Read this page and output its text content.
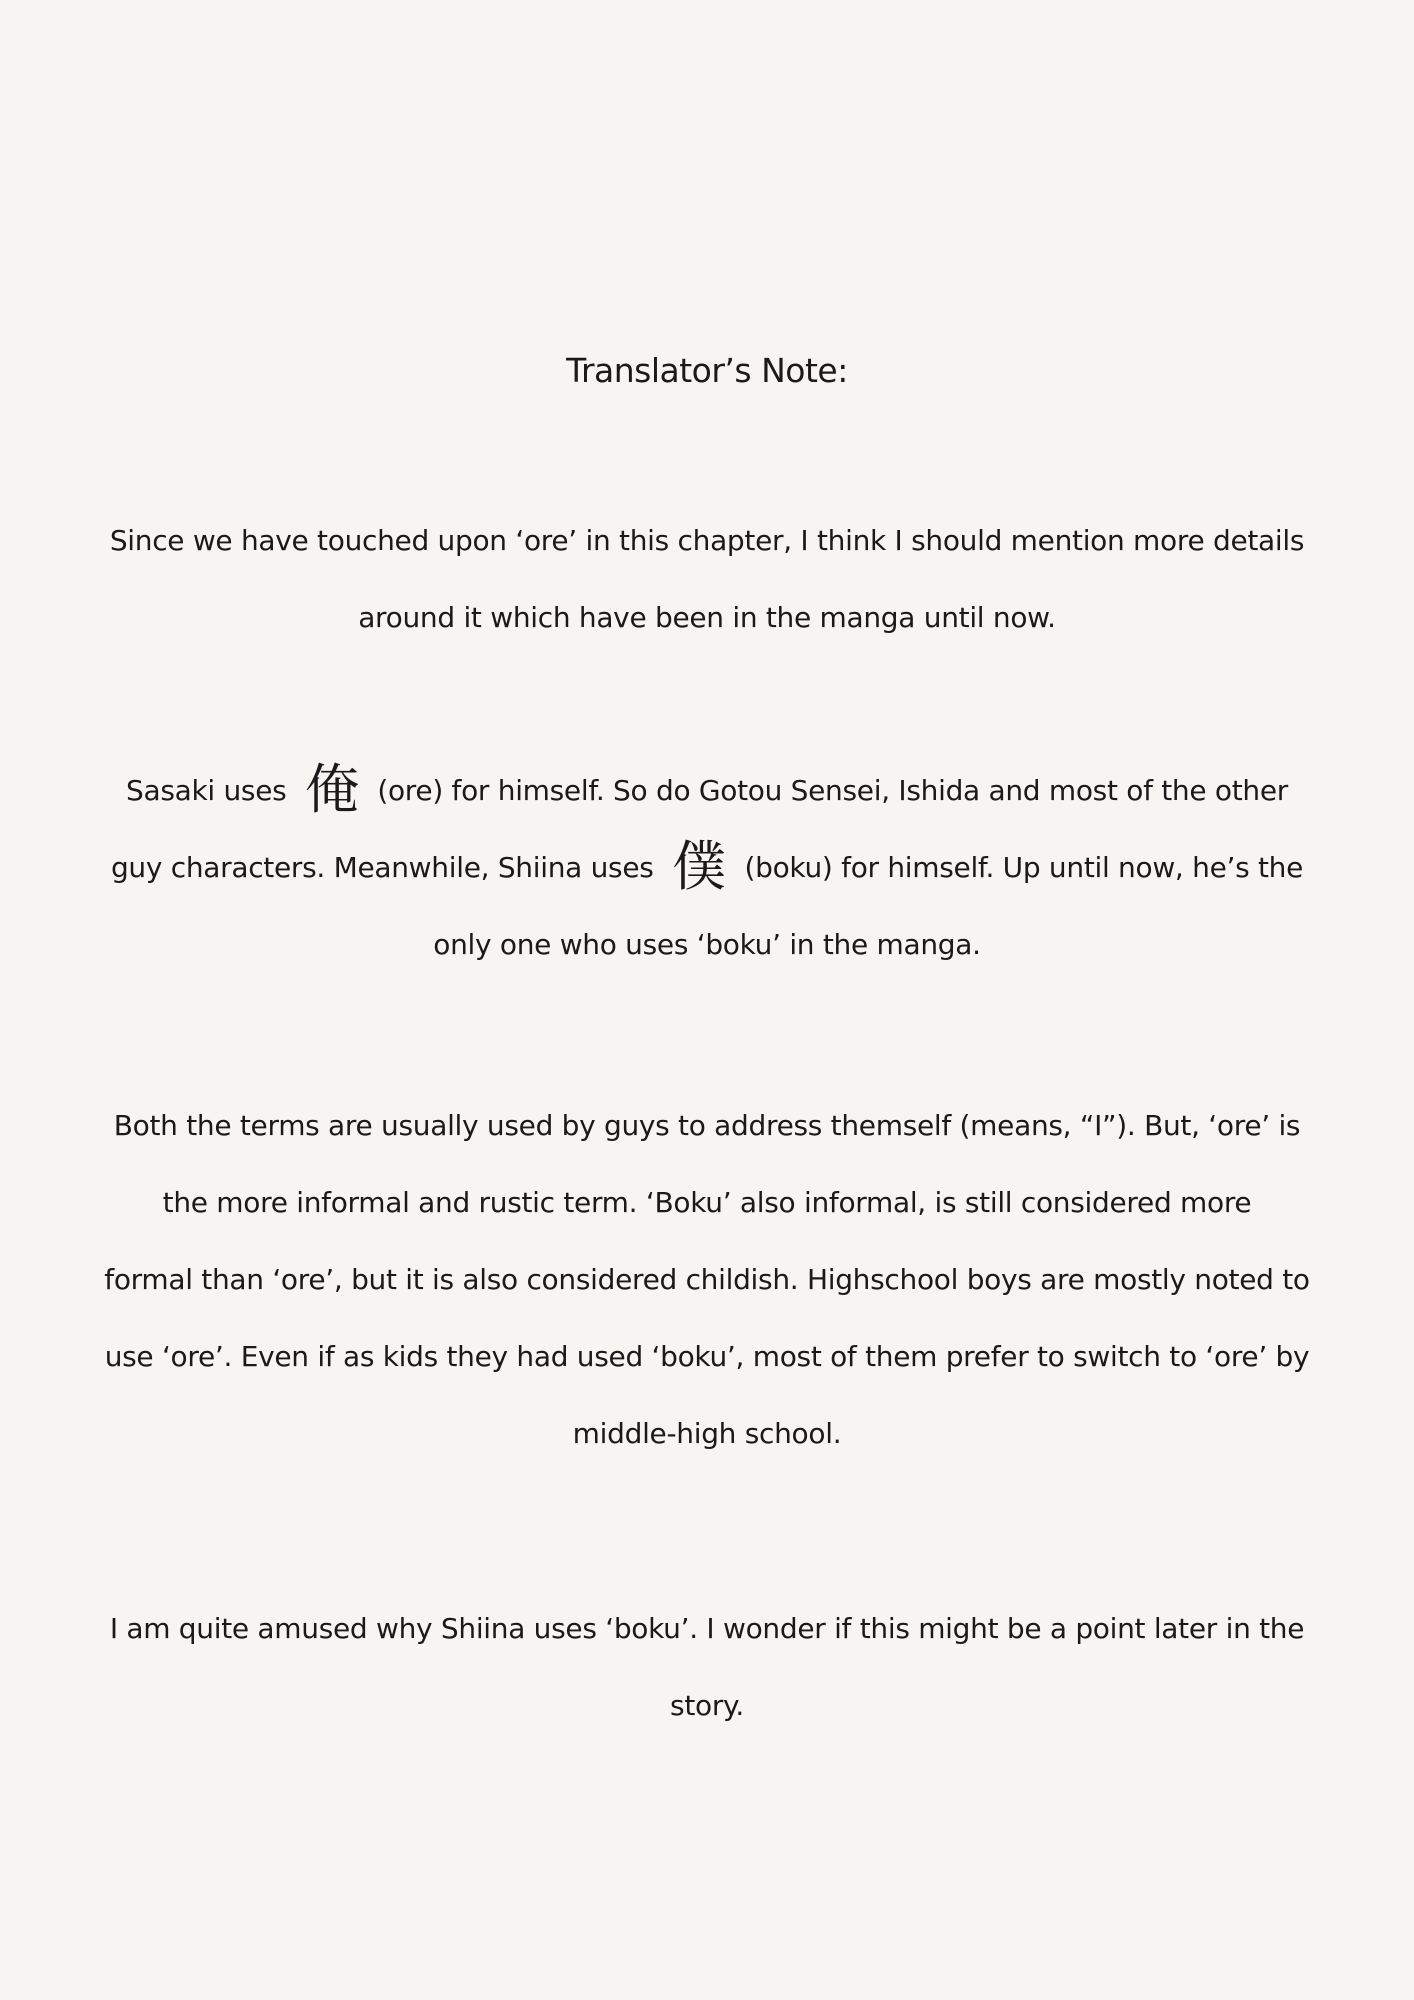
Translator’s Note:
Since we have touched upon ‘ore’ in this chapter, I think I should mention more details
around it which have been in the manga until now.
Sasaki uses 俺 (ore) for himself. So do Gotou Sensei, Ishida and most of the other
guy characters. Meanwhile, Shiina uses 僕 (boku) for himself. Up until now, he’s the
only one who uses ‘boku’ in the manga.
Both the terms are usually used by guys to address themself (means, “I”). But, ‘ore’ is
the more informal and rustic term. ‘Boku’ also informal, is still considered more
formal than ‘ore’, but it is also considered childish. Highschool boys are mostly noted to
use ‘ore’. Even if as kids they had used ‘boku’, most of them prefer to switch to ‘ore’ by
middle-high school.
I am quite amused why Shiina uses ‘boku’. I wonder if this might be a point later in the
story.
